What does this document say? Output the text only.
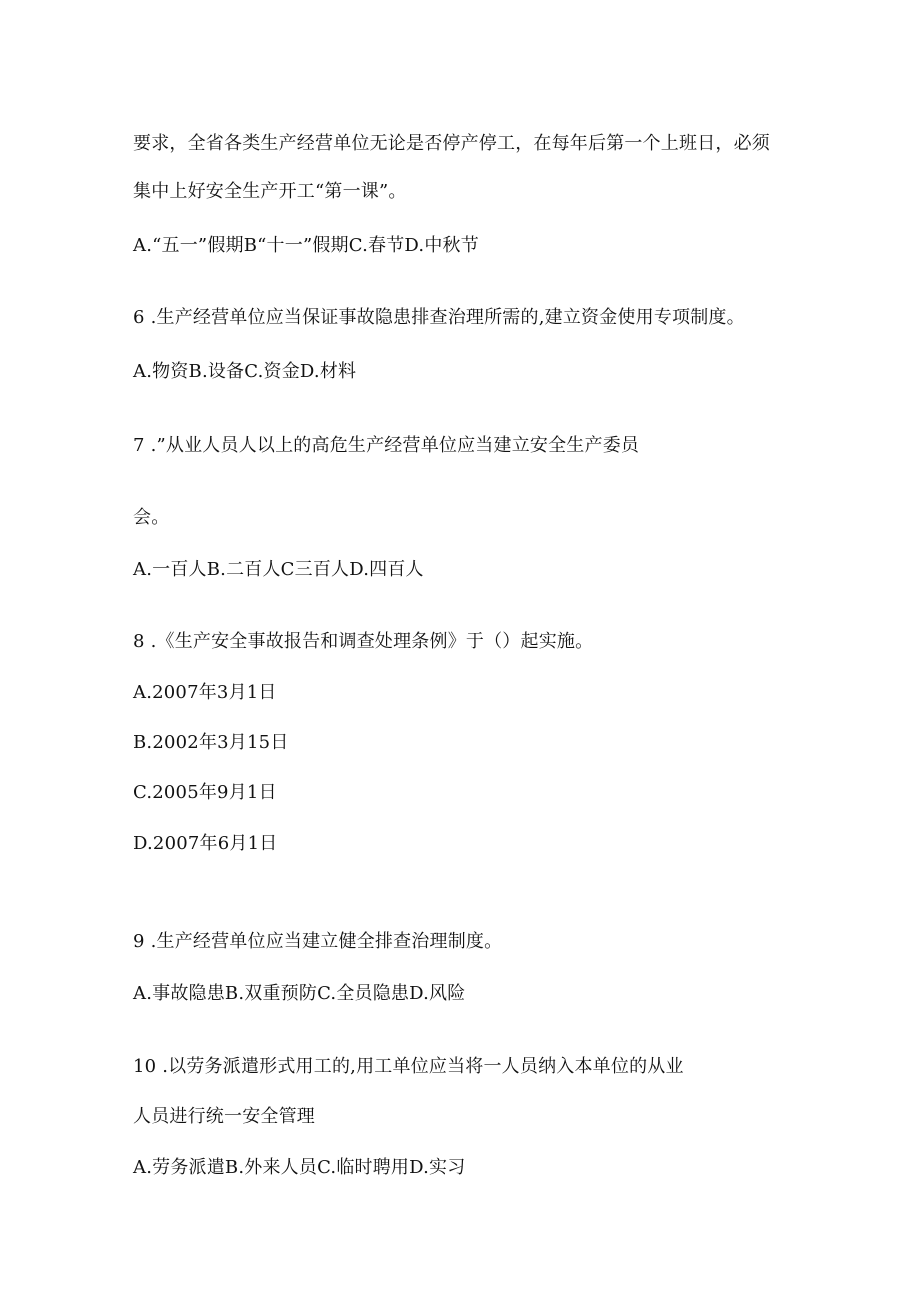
要求，全省各类生产经营单位无论是否停产停工，在每年后第一个上班日，必须
集中上好安全生产开工“第一课”。
A.“五一”假期B“十一”假期C.春节D.中秋节
6 .生产经营单位应当保证事故隐患排查治理所需的,建立资金使用专项制度。
A.物资B.设备C.资金D.材料
7 .”从业人员人以上的高危生产经营单位应当建立安全生产委员
会。
A.一百人B.二百人C三百人D.四百人
8 .《生产安全事故报告和调查处理条例》于（）起实施。
A.2007年3月1日
B.2002年3月15日
C.2005年9月1日
D.2007年6月1日
9 .生产经营单位应当建立健全排查治理制度。
A.事故隐患B.双重预防C.全员隐患D.风险
10 .以劳务派遣形式用工的,用工单位应当将一人员纳入本单位的从业
人员进行统一安全管理
A.劳务派遣B.外来人员C.临时聘用D.实习
